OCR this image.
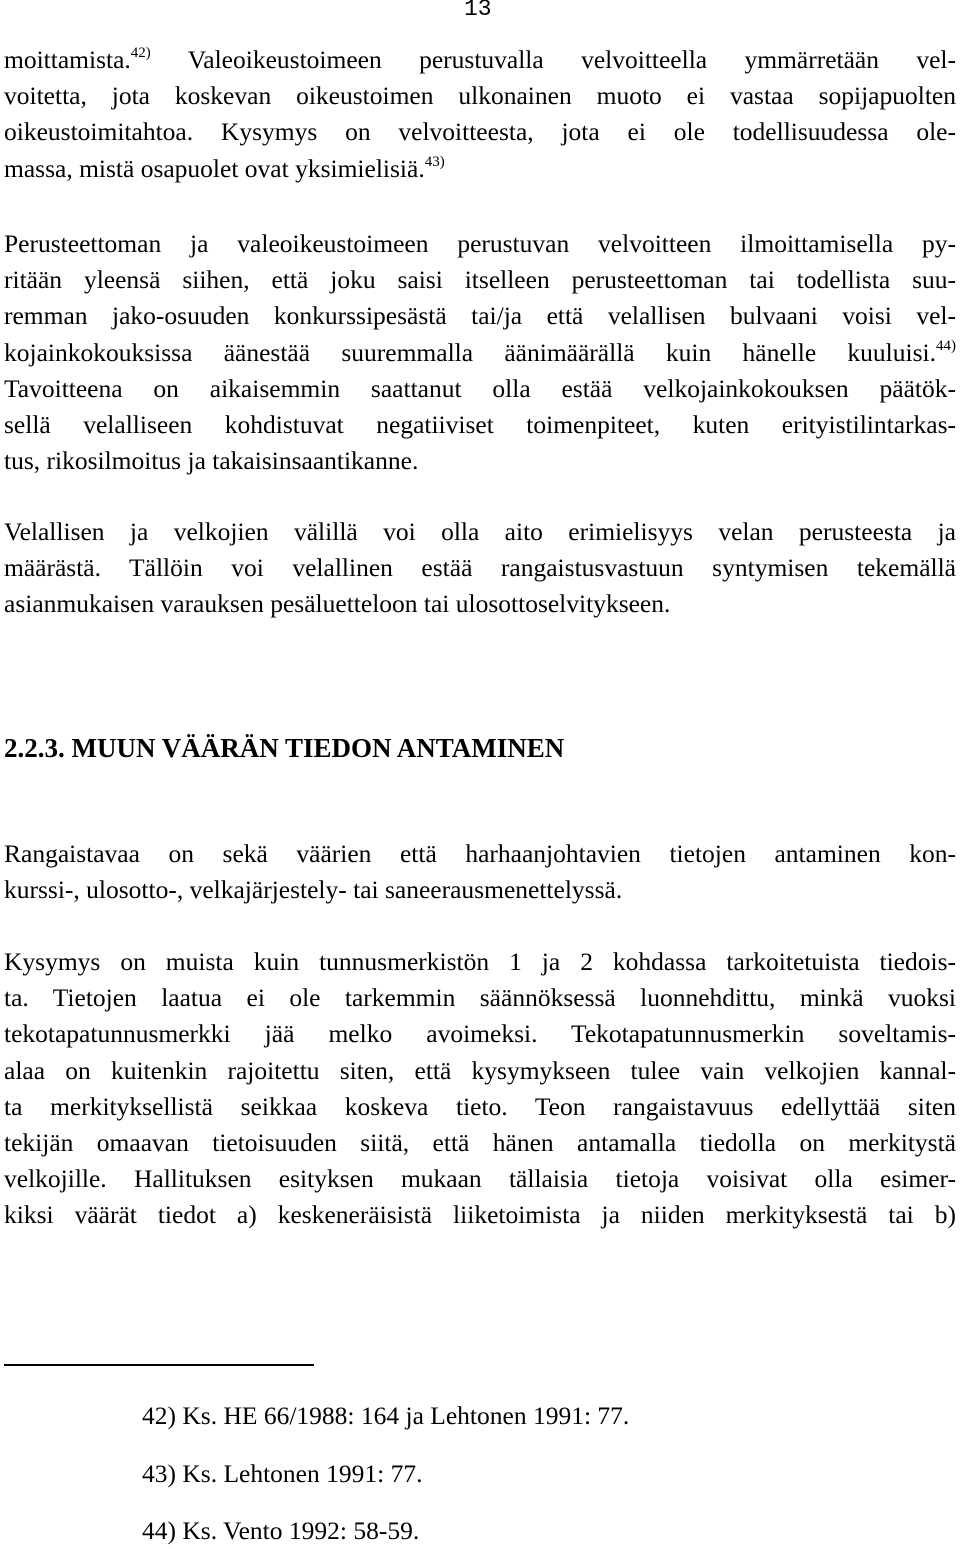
13
moittamista.$^{42)}$ Valeoikeustoimeen perustuvalla velvoitteella ymmärretään vel-
voitetta, jota koskevan oikeustoimen ulkonainen muoto ei vastaa sopijapuolten
oikeustoimitahtoa. Kysymys on velvoitteesta, jota ei ole todellisuudessa ole-
massa, mistä osapuolet ovat yksimielisiä.$^{43)}$
Perusteettoman ja valeoikeustoimeen perustuvan velvoitteen ilmoittamisella py-
ritään yleensä siihen, että joku saisi itselleen perusteettoman tai todellista suu-
remman jako-osuuden konkurssipesästä tai/ja että velallisen bulvaani voisi vel-
kojainkokouksissa äänestää suuremmalla äänimäärällä kuin hänelle kuuluisi.$^{44)}$
Tavoitteena on aikaisemmin saattanut olla estää velkojainkokouksen päätök-
sellä velalliseen kohdistuvat negatiiviset toimenpiteet, kuten erityistilintarkas-
tus, rikosilmoitus ja takaisinsaantikanne.
Velallisen ja velkojien välillä voi olla aito erimielisyys velan perusteesta ja
määrästä. Tällöin voi velallinen estää rangaistusvastuun syntymisen tekemällä
asianmukaisen varauksen pesäluetteloon tai ulosottoselvitykseen.
2.2.3. MUUN VÄÄRÄN TIEDON ANTAMINEN
Rangaistavaa on sekä väärien että harhaanjohtavien tietojen antaminen kon-
kurssi-, ulosotto-, velkajärjestely- tai saneerausmenettelyssä.
Kysymys on muista kuin tunnusmerkistön 1 ja 2 kohdassa tarkoitetuista tiedois-
ta. Tietojen laatua ei ole tarkemmin säännöksessä luonnehdittu, minkä vuoksi
tekotapatunnusmerkki jää melko avoimeksi. Tekotapatunnusmerkin soveltamis-
alaa on kuitenkin rajoitettu siten, että kysymykseen tulee vain velkojien kannal-
ta merkityksellistä seikkaa koskeva tieto. Teon rangaistavuus edellyttää siten
tekijän omaavan tietoisuuden siitä, että hänen antamalla tiedolla on merkitystä
velkojille. Hallituksen esityksen mukaan tällaisia tietoja voisivat olla esimer-
kiksi väärät tiedot a) keskeneräisistä liiketoimista ja niiden merkityksestä tai b)
42) Ks. HE 66/1988: 164 ja Lehtonen 1991: 77.
43) Ks. Lehtonen 1991: 77.
44) Ks. Vento 1992: 58-59.
